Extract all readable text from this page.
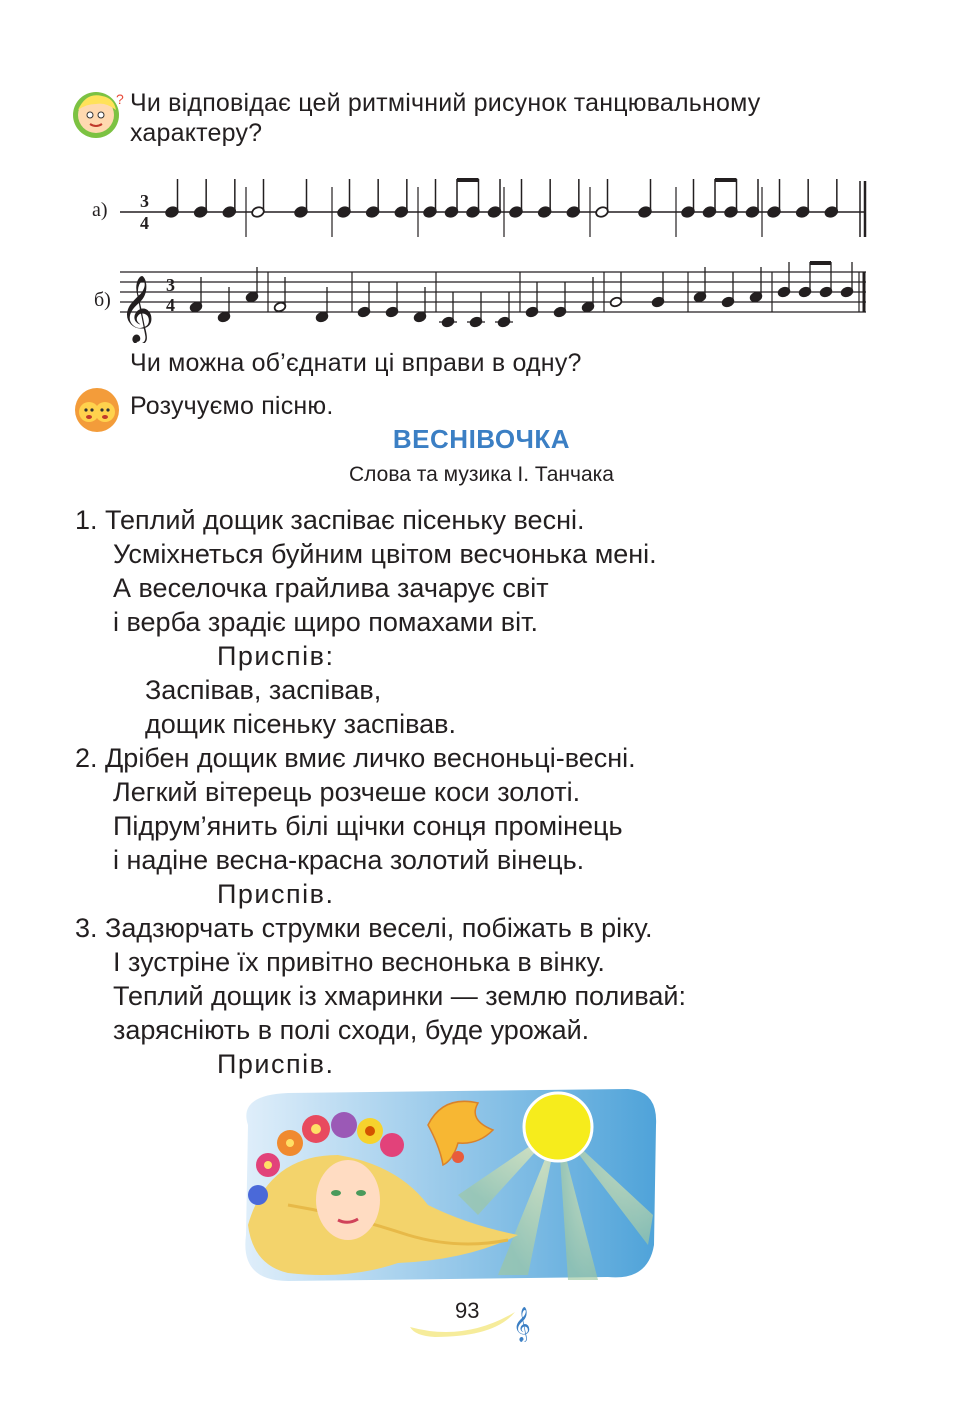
? Чи відповідає цей ритмічний рисунок танцювальному
характеру?
а) 3
4
б) 𝄞 3
4
Чи можна об’єднати ці вправи в одну?
Розучуємо пісню.
ВЕСНІВОЧКА
Слова та музика І. Танчака
1. Теплий дощик заспіває пісеньку весні.
Усміхнеться буйним цвітом весчонька мені.
А веселочка грайлива зачарує світ
і верба зрадіє щиро помахами віт.
Приспів:
Заспівав, заспівав,
дощик пісеньку заспівав.
2. Дрібен дощик вмиє личко весноньці-весні.
Легкий вітерець розчеше коси золоті.
Підрум’янить білі щічки сонця промінець
і надіне весна-красна золотий вінець.
Приспів.
3. Задзюрчать струмки веселі, побіжать в ріку.
І зустріне їх привітно веснонька в вінку.
Теплий дощик із хмаринки — землю поливай:
заряснiють в полі сходи, буде урожай.
Приспів.
𝄞
93
